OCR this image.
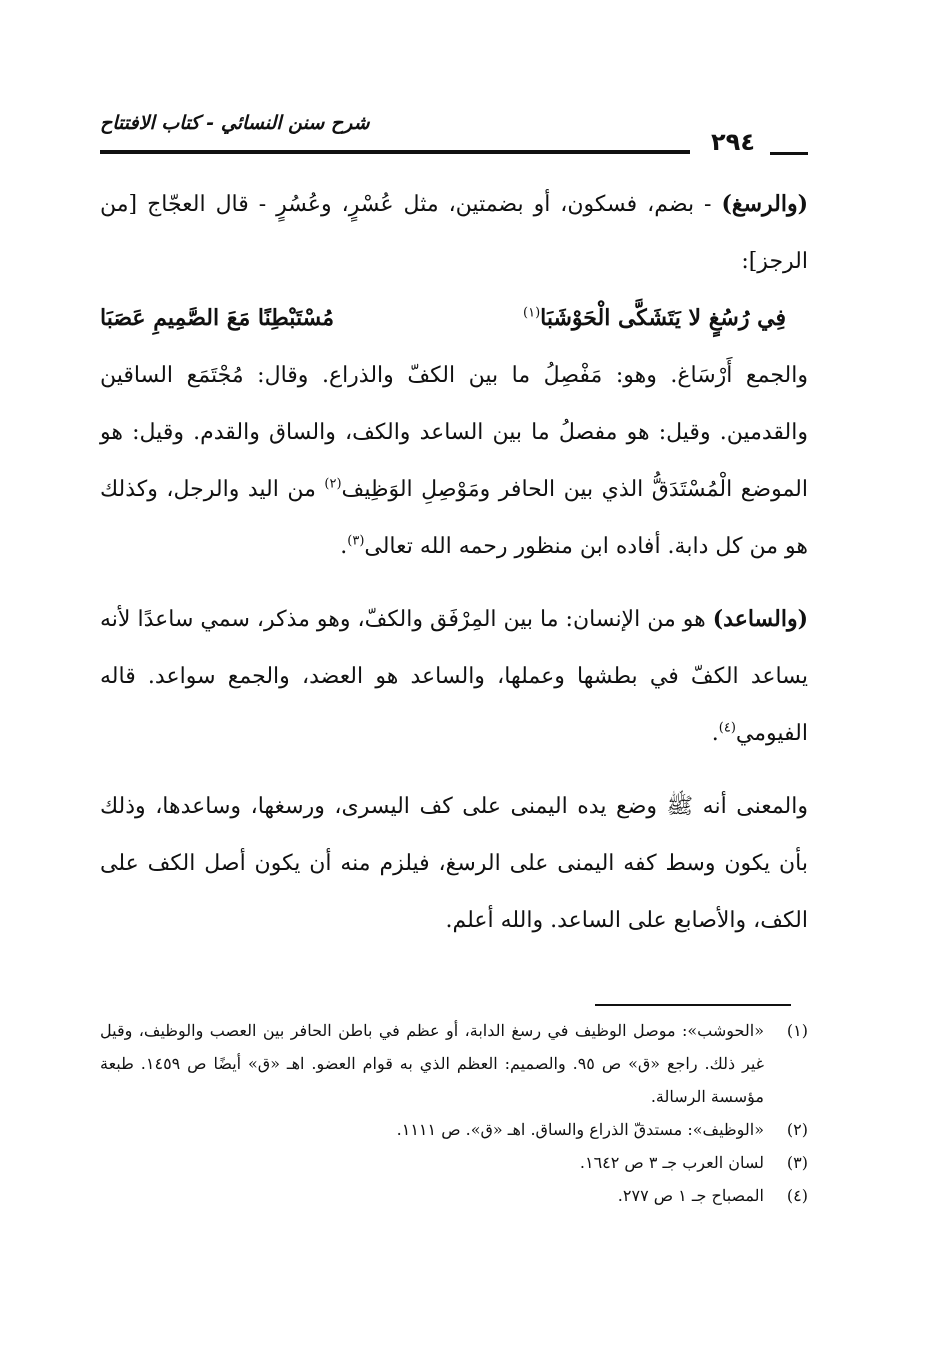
شرح سنن النسائي - كتاب الافتتاح
٢٩٤

(والرسغ) - بضم، فسكون، أو بضمتين، مثل عُسْرٍ، وعُسُرٍ - قال العجّاج [من الرجز]:

فِي رُسُغٍ لا يَتَشَكَّى الْحَوْشَبَا$^{(١)}$
مُسْتَبْطِنًا مَعَ الصَّمِيمِ عَصَبَا

والجمع أَرْسَاغ. وهو: مَفْصِلُ ما بين الكفّ والذراع. وقال: مُجْتَمَع الساقين والقدمين. وقيل: هو مفصلُ ما بين الساعد والكف، والساق والقدم. وقيل: هو الموضع الْمُسْتَدَقُّ الذي بين الحافر ومَوْصِلِ الوَظِيف$^{(٢)}$ من اليد والرجل، وكذلك هو من كل دابة. أفاده ابن منظور رحمه الله تعالى$^{(٣)}$.

(والساعد) هو من الإنسان: ما بين المِرْفَق والكفّ، وهو مذكر، سمي ساعدًا لأنه يساعد الكفّ في بطشها وعملها، والساعد هو العضد، والجمع سواعد. قاله الفيومي$^{(٤)}$.

والمعنى أنه ﷺ وضع يده اليمنى على كف اليسرى، ورسغها، وساعدها، وذلك بأن يكون وسط كفه اليمنى على الرسغ، فيلزم منه أن يكون أصل الكف على الكف، والأصابع على الساعد. والله أعلم.

(١)
«الحوشب»: موصل الوظيف في رسغ الدابة، أو عظم في باطن الحافر بين العصب والوظيف، وقيل غير ذلك. راجع «ق» ص ٩٥. والصميم: العظم الذي به قوام العضو. اهـ «ق» أيضًا ص ١٤٥٩. طبعة مؤسسة الرسالة.
(٢)
«الوظيف»: مستدقّ الذراع والساق. اهـ «ق». ص ١١١١.
(٣)
لسان العرب جـ ٣ ص ١٦٤٢.
(٤)
المصباح جـ ١ ص ٢٧٧.
